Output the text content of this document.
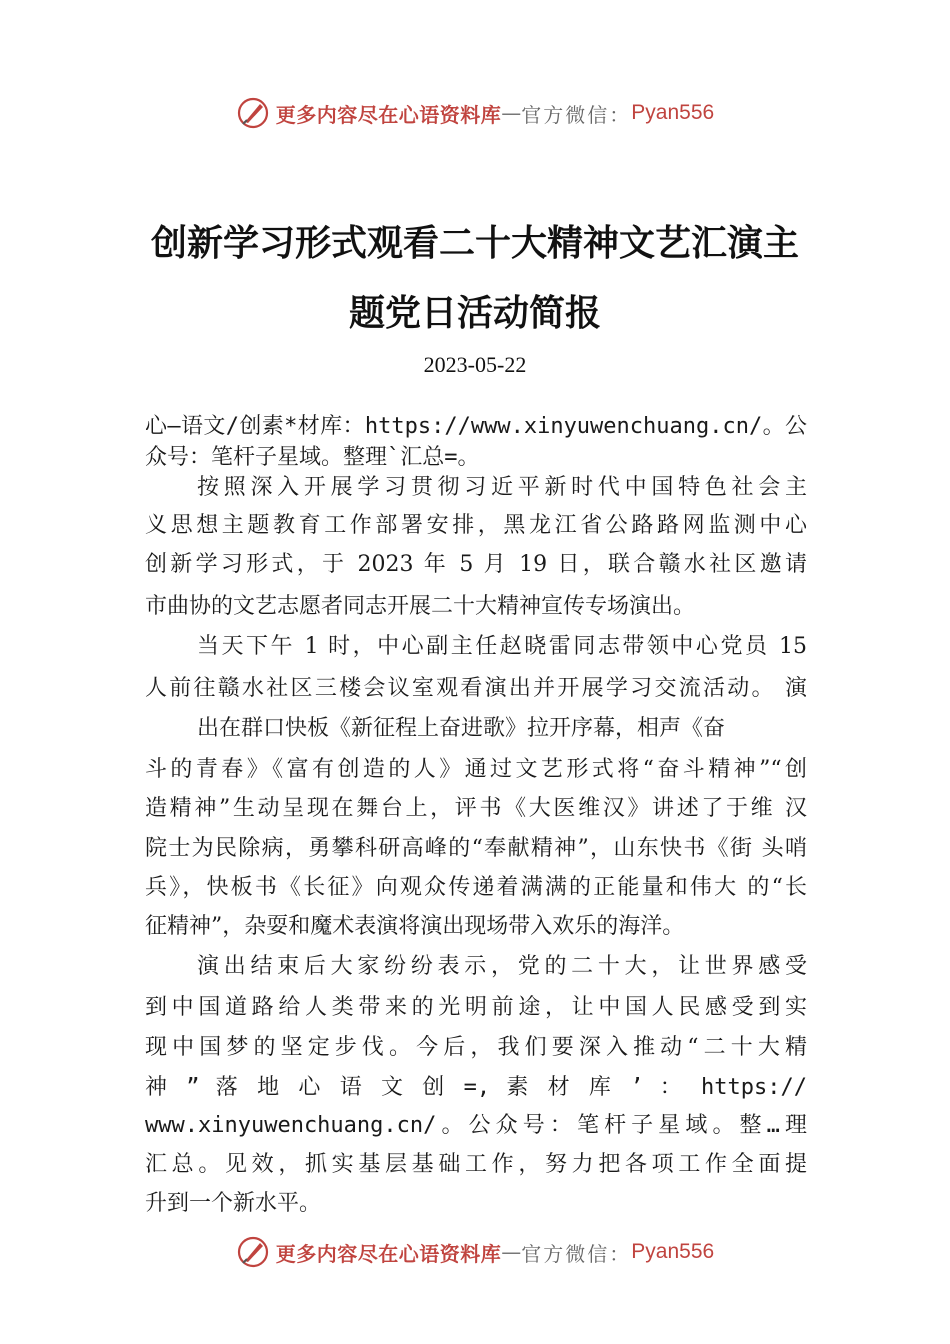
更多内容尽在心语资料库 — 官方微信： Pyan556
创新学习形式观看二十大精神文艺汇演主
题党日活动简报
2023-05-22
心—语文/创素*材库：https://www.xinyuwenchuang.cn/。公
众号：笔杆子星域。整理`汇总=。
按照深入开展学习贯彻习近平新时代中国特色社会主
义思想主题教育工作部署安排，黑龙江省公路路网监测中心
创新学习形式，于 2023 年 5 月 19 日，联合赣水社区邀请
市曲协的文艺志愿者同志开展二十大精神宣传专场演出。
当天下午 1 时，中心副主任赵晓雷同志带领中心党员 15
人前往赣水社区三楼会议室观看演出并开展学习交流活动。 演
出在群口快板《新征程上奋进歌》拉开序幕，相声《奋
斗的青春》《富有创造的人》通过文艺形式将“奋斗精神”“创
造精神”生动呈现在舞台上，评书《大医维汉》讲述了于维 汉
院士为民除病，勇攀科研高峰的“奉献精神”，山东快书《街 头哨
兵》，快板书《长征》向观众传递着满满的正能量和伟大 的“长
征精神”，杂耍和魔术表演将演出现场带入欢乐的海洋。
演出结束后大家纷纷表示，党的二十大，让世界感受
到中国道路给人类带来的光明前途，让中国人民感受到实
现中国梦的坚定步伐。今后，我们要深入推动“二十大精
神 ” 落 地 心 语 文 创 =, 素 材 库 ’ ： https://
www.xinyuwenchuang.cn/。公众号：笔杆子星域。整…理
汇总。见效，抓实基层基础工作，努力把各项工作全面提
升到一个新水平。
更多内容尽在心语资料库 — 官方微信： Pyan556
